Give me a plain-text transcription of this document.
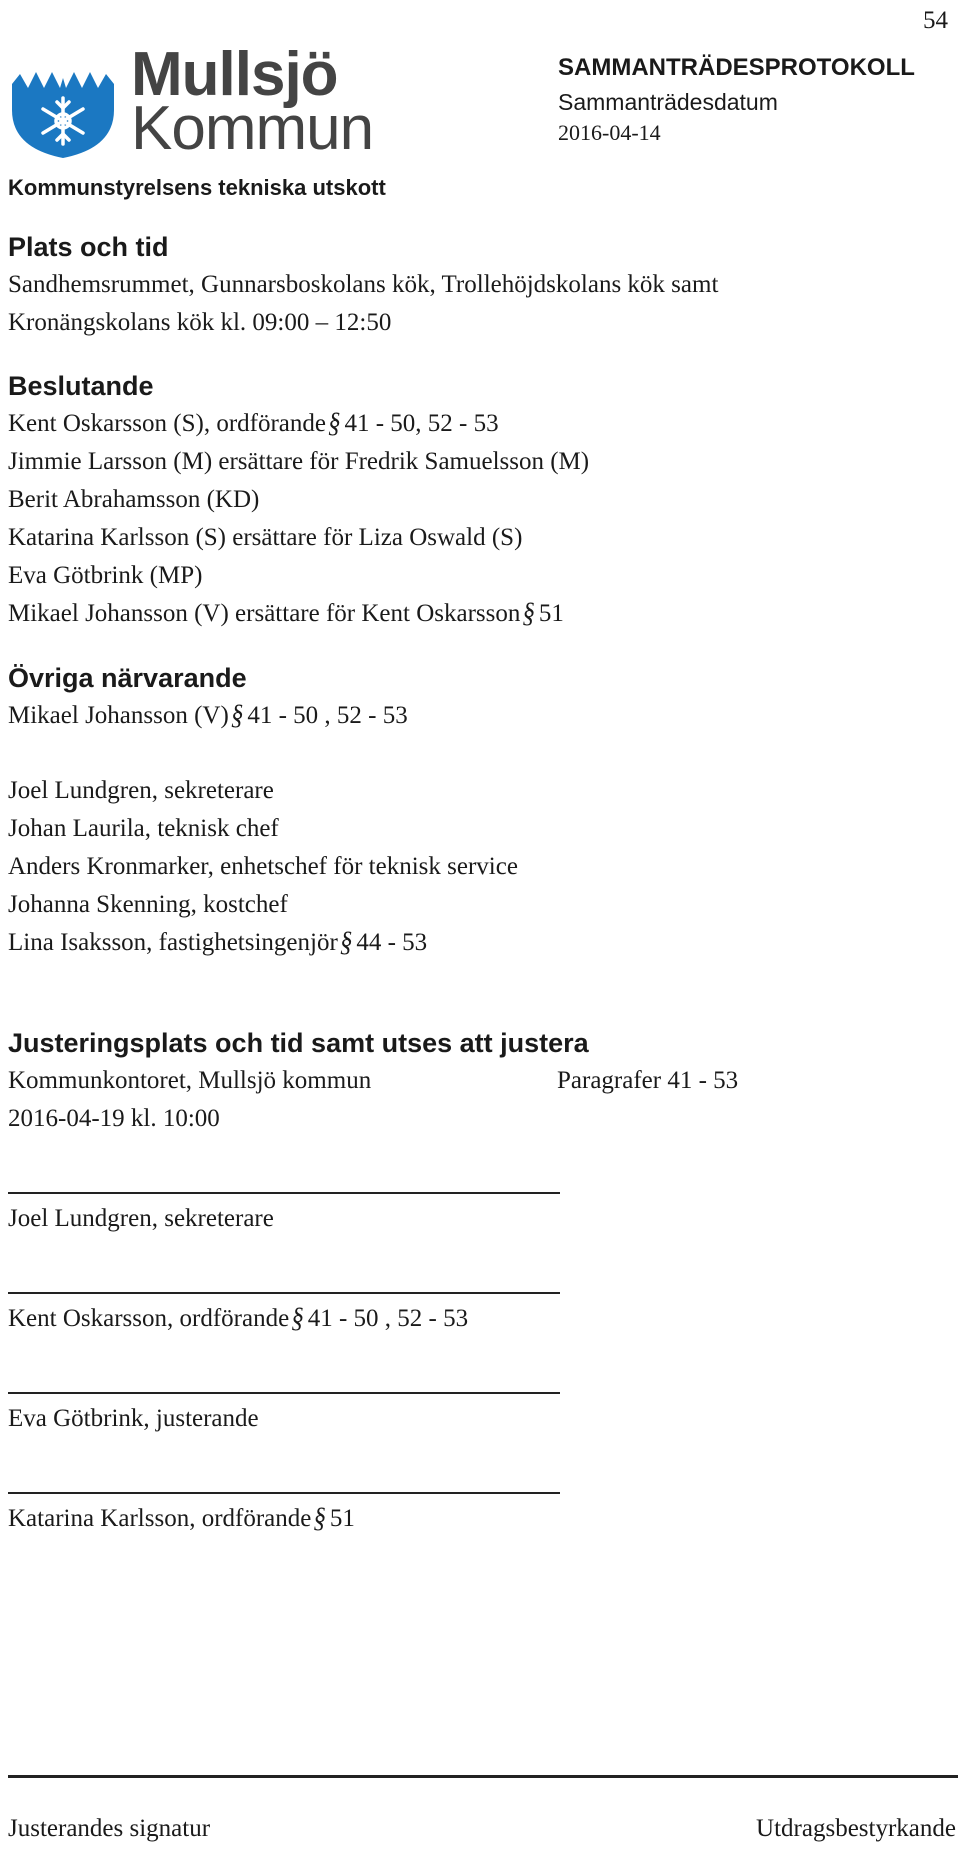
54
Mullsjö
Kommun
SAMMANTRÄDESPROTOKOLL
Sammanträdesdatum
2016-04-14
Kommunstyrelsens tekniska utskott
Plats och tid
Sandhemsrummet, Gunnarsboskolans kök, Trollehöjdskolans kök samt
Kronängskolans kök kl. 09:00 – 12:50
Beslutande
Kent Oskarsson (S), ordförande§ 41 - 50, 52 - 53
Jimmie Larsson (M) ersättare för Fredrik Samuelsson (M)
Berit Abrahamsson (KD)
Katarina Karlsson (S) ersättare för Liza Oswald (S)
Eva Götbrink (MP)
Mikael Johansson (V) ersättare för Kent Oskarsson§ 51
Övriga närvarande
Mikael Johansson (V)§ 41 - 50 , 52 - 53
Joel Lundgren, sekreterare
Johan Laurila, teknisk chef
Anders Kronmarker, enhetschef för teknisk service
Johanna Skenning, kostchef
Lina Isaksson, fastighetsingenjör§ 44 - 53
Justeringsplats och tid samt utses att justera
Kommunkontoret, Mullsjö kommun	Paragrafer 41 - 53
2016-04-19 kl. 10:00
Joel Lundgren, sekreterare
Kent Oskarsson, ordförande§ 41 - 50 , 52 - 53
Eva Götbrink, justerande
Katarina Karlsson, ordförande§ 51
Justerandes signatur	Utdragsbestyrkande
